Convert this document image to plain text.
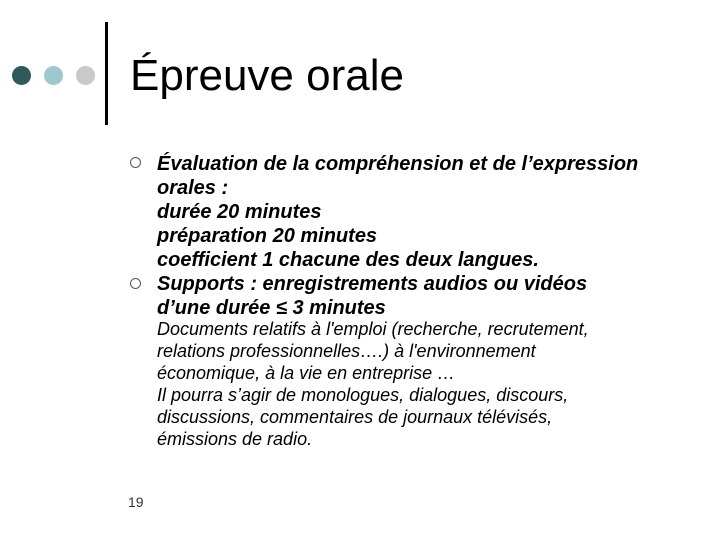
Épreuve orale
Évaluation de la compréhension et de l’expression
orales :
durée 20 minutes
préparation 20 minutes
coefficient 1 chacune des deux langues.
Supports : enregistrements audios ou vidéos
d’une durée ≤ 3 minutes
Documents relatifs à l'emploi (recherche, recrutement,
relations professionnelles….) à l'environnement
économique, à la vie en entreprise …
Il pourra s’agir de monologues, dialogues, discours,
discussions, commentaires de journaux télévisés,
émissions de radio.
19
